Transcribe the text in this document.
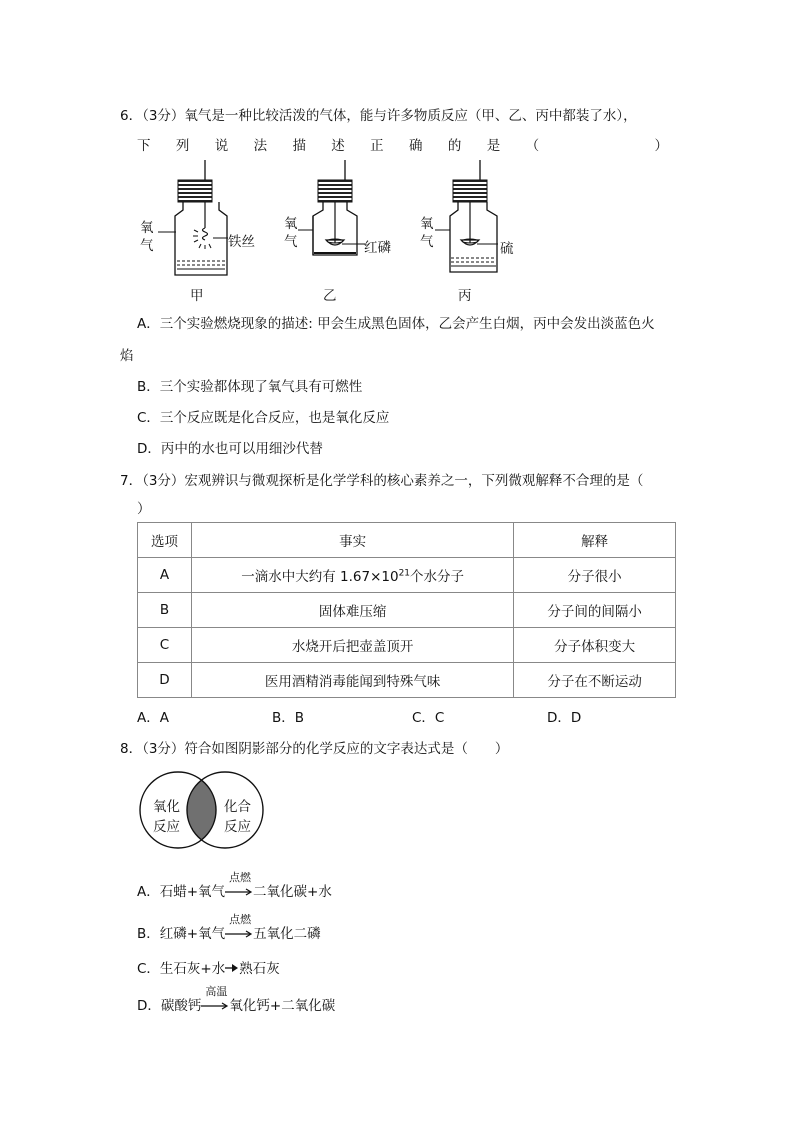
6．（3分）氧气是一种比较活泼的气体，能与许多物质反应（甲、乙、丙中都装了水），
下 列 说 法 描 述 正 确 的 是 （	）
氧
气	铁丝
甲
氧
气	红磷
乙
氧
气	硫
丙
A．三个实验燃烧现象的描述: 甲会生成黑色固体，乙会产生白烟，丙中会发出淡蓝色火
焰
B．三个实验都体现了氧气具有可燃性
C．三个反应既是化合反应，也是氧化反应
D．丙中的水也可以用细沙代替
7．（3分）宏观辨识与微观探析是化学学科的核心素养之一，下列微观解释不合理的是（
）
选项	事实	解释
A	一滴水中大约有 $1.67\times 10^{21}$个水分子	分子很小
B	固体难压缩	分子间的间隔小
C	水烧开后把壶盖顶开	分子体积变大
D	医用酒精消毒能闻到特殊气味	分子在不断运动
A．A	B．B	C．C	D．D
8．（3分）符合如图阴影部分的化学反应的文字表达式是（　　）
氧化
反应
化合
反应
A．石蜡+氧气
点燃
二氧化碳+水
B．红磷+氧气
点燃
五氧化二磷
C．生石灰+水 熟石灰
D．碳酸钙
高温
氧化钙+二氧化碳
